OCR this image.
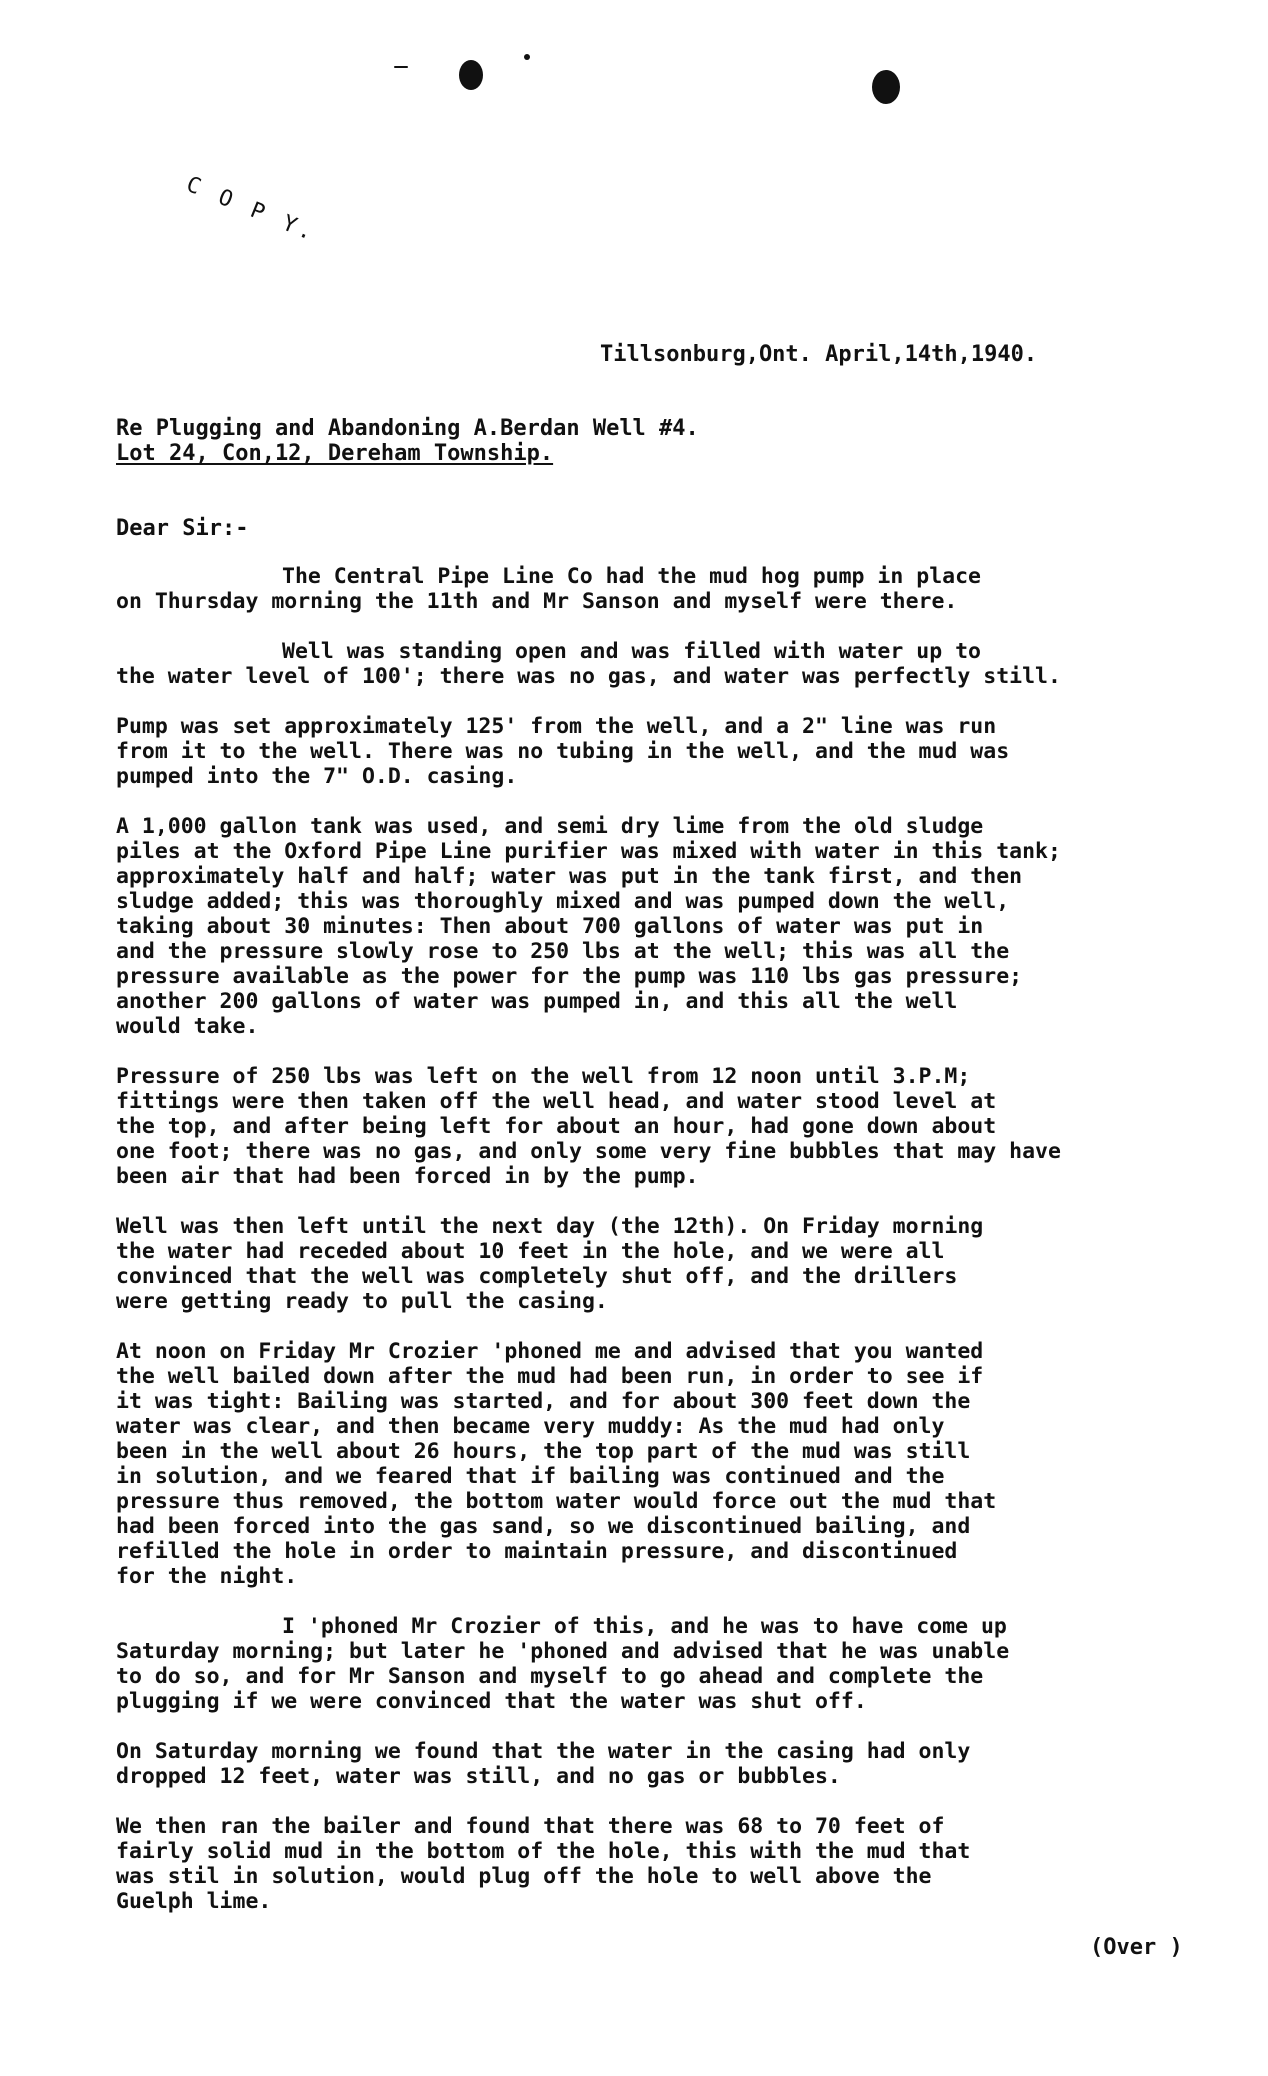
C O P Y.
Tillsonburg,Ont. April,14th,1940.
Re Plugging and Abandoning A.Berdan Well #4.
Lot 24, Con,12, Dereham Township.
Dear Sir:-

The Central Pipe Line Co had the mud hog pump in place
on Thursday morning the 11th and Mr Sanson and myself were there.

Well was standing open and was filled with water up to
the water level of 100'; there was no gas, and water was perfectly still.

Pump was set approximately 125' from the well, and a 2" line was run
from it to the well. There was no tubing in the well, and the mud was
pumped into the 7" O.D. casing.

A 1,000 gallon tank was used, and semi dry lime from the old sludge
piles at the Oxford Pipe Line purifier was mixed with water in this tank;
approximately half and half; water was put in the tank first, and then
sludge added; this was thoroughly mixed and was pumped down the well,
taking about 30 minutes: Then about 700 gallons of water was put in
and the pressure slowly rose to 250 lbs at the well; this was all the
pressure available as the power for the pump was 110 lbs gas pressure;
another 200 gallons of water was pumped in, and this all the well
would take.

Pressure of 250 lbs was left on the well from 12 noon until 3.P.M;
fittings were then taken off the well head, and water stood level at
the top, and after being left for about an hour, had gone down about
one foot; there was no gas, and only some very fine bubbles that may have
been air that had been forced in by the pump.

Well was then left until the next day (the 12th). On Friday morning
the water had receded about 10 feet in the hole, and we were all
convinced that the well was completely shut off, and the drillers
were getting ready to pull the casing.

At noon on Friday Mr Crozier 'phoned me and advised that you wanted
the well bailed down after the mud had been run, in order to see if
it was tight: Bailing was started, and for about 300 feet down the
water was clear, and then became very muddy: As the mud had only
been in the well about 26 hours, the top part of the mud was still
in solution, and we feared that if bailing was continued and the
pressure thus removed, the bottom water would force out the mud that
had been forced into the gas sand, so we discontinued bailing, and
refilled the hole in order to maintain pressure, and discontinued
for the night.

I 'phoned Mr Crozier of this, and he was to have come up
Saturday morning; but later he 'phoned and advised that he was unable
to do so, and for Mr Sanson and myself to go ahead and complete the
plugging if we were convinced that the water was shut off.

On Saturday morning we found that the water in the casing had only
dropped 12 feet, water was still, and no gas or bubbles.

We then ran the bailer and found that there was 68 to 70 feet of
fairly solid mud in the bottom of the hole, this with the mud that
was stil in solution, would plug off the hole to well above the
Guelph lime.

(Over )
